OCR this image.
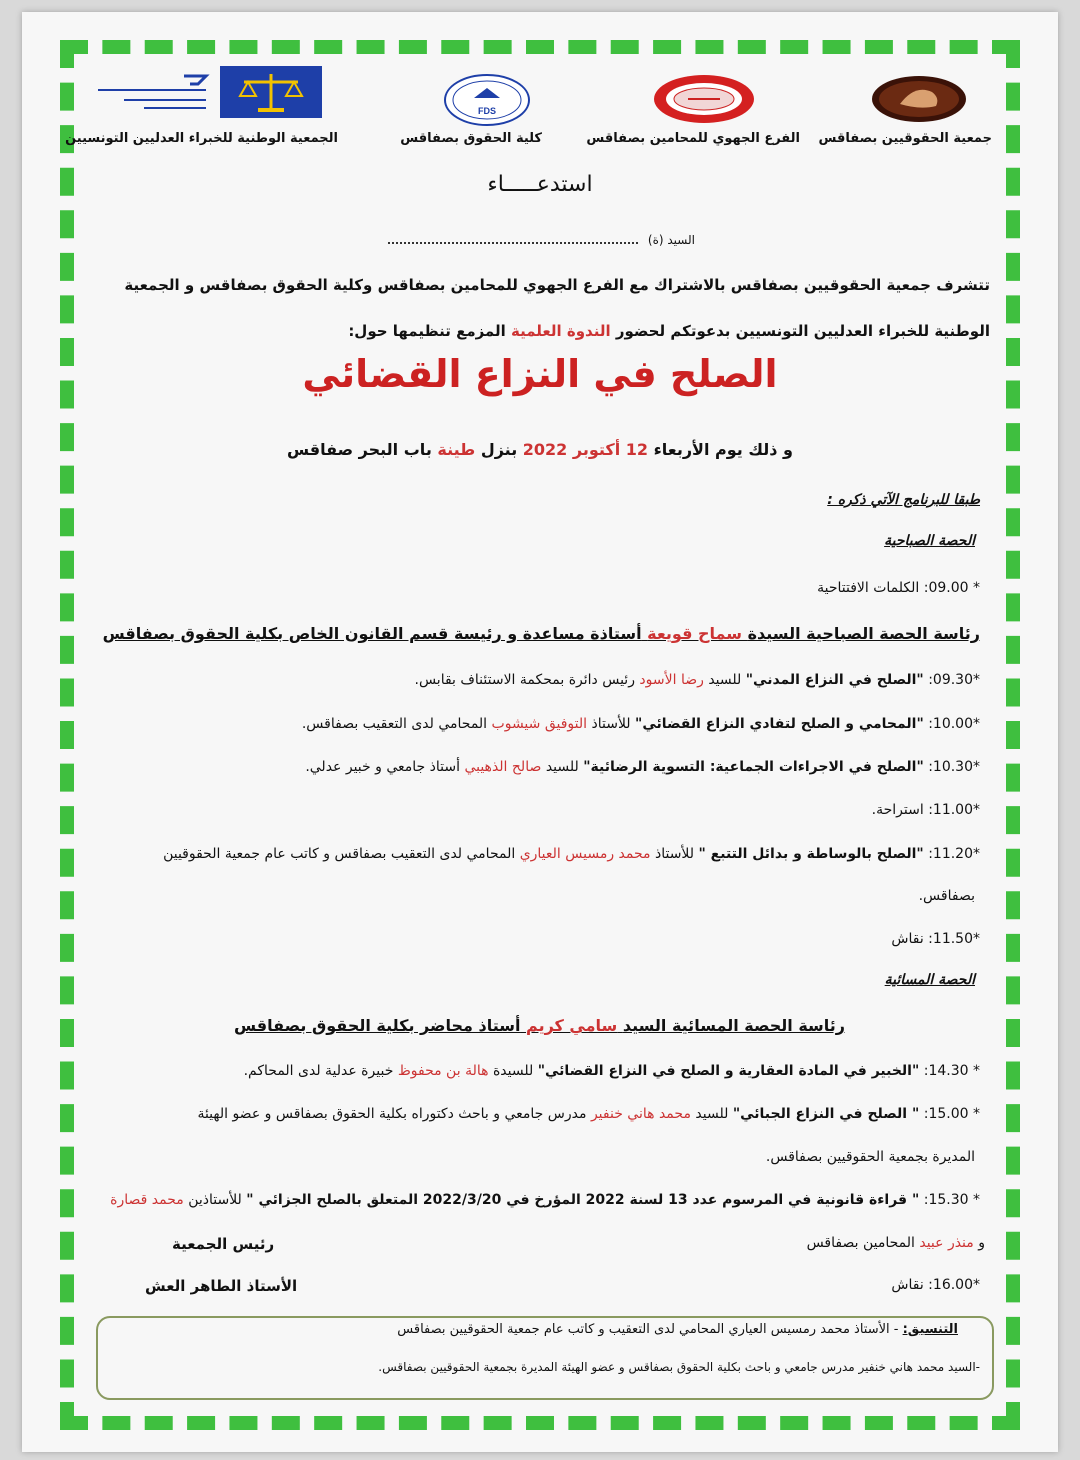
FDS
جمعية الحقوقيين بصفاقس
الفرع الجهوي للمحامين بصفاقس
كلية الحقوق بصفاقس
الجمعية الوطنية للخبراء العدليين التونسيين
استدعـــــاء
السيد (ة)
تتشرف جمعية الحقوقيين بصفاقس بالاشتراك مع الفرع الجهوي للمحامين بصفاقس وكلية الحقوق بصفاقس و الجمعية
الوطنية للخبراء العدليين التونسيين بدعوتكم لحضور الندوة العلمية المزمع تنظيمها حول:
الصلح في النزاع القضائي
و ذلك يوم الأربعاء 12 أكتوبر 2022 بنزل طينة باب البحر صفاقس
طبقا للبرنامج الآتي ذكره :
الحصة الصباحية
* 09.00: الكلمات الافتتاحية
رئاسة الحصة الصباحية السيدة سماح قويعة أستاذة مساعدة و رئيسة قسم القانون الخاص بكلية الحقوق بصفاقس
*09.30: "الصلح في النزاع المدني" للسيد رضا الأسود رئيس دائرة بمحكمة الاستئناف بقابس.
*10.00: "المحامي و الصلح لتفادي النزاع القضائي" للأستاذ التوفيق شيشوب المحامي لدى التعقيب بصفاقس.
*10.30: "الصلح في الاجراءات الجماعية: التسوية الرضائية" للسيد صالح الذهيبي أستاذ جامعي و خبير عدلي.
*11.00: استراحة.
*11.20: "الصلح بالوساطة و بدائل التتبع " للأستاذ محمد رمسيس العياري المحامي لدى التعقيب بصفاقس و كاتب عام جمعية الحقوقيين
بصفاقس.
*11.50: نقاش
الحصة المسائية
رئاسة الحصة المسائية السيد سامي كريم أستاذ محاضر بكلية الحقوق بصفاقس
* 14.30: "الخبير في المادة العقارية و الصلح في النزاع القضائي" للسيدة هالة بن محفوظ خبيرة عدلية لدى المحاكم.
* 15.00: " الصلح في النزاع الجبائي" للسيد محمد هاني خنفير مدرس جامعي و باحث دكتوراه بكلية الحقوق بصفاقس و عضو الهيئة
المديرة بجمعية الحقوقيين بصفاقس.
* 15.30: " قراءة قانونية في المرسوم عدد 13 لسنة 2022 المؤرخ في 2022/3/20 المتعلق بالصلح الجزائي " للأستاذين محمد قصارة
و منذر عبيد المحامين بصفاقس
*16.00: نقاش
رئيس الجمعية
الأستاذ الطاهر العش
التنسيق: - الأستاذ محمد رمسيس العياري المحامي لدى التعقيب و كاتب عام جمعية الحقوقيين بصفاقس
-السيد محمد هاني خنفير مدرس جامعي و باحث بكلية الحقوق بصفاقس و عضو الهيئة المديرة بجمعية الحقوقيين بصفاقس.
